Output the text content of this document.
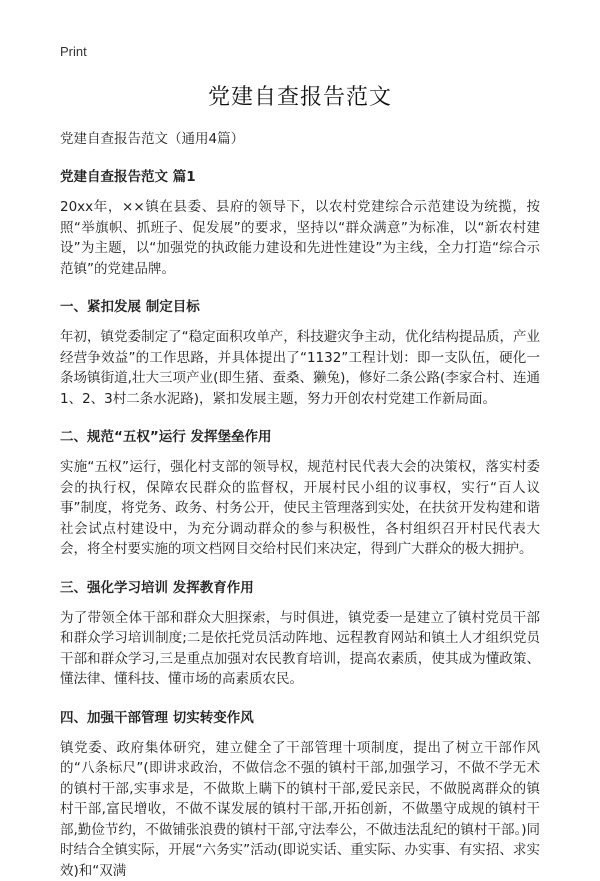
Print
党建自查报告范文

党建自查报告范文（通用4篇）

党建自查报告范文 篇1

20xx年，××镇在县委、县府的领导下，以农村党建综合示范建设为统揽，按照“举旗帜、抓班子、促发展”的要求，坚持以“群众满意”为标准，以“新农村建设”为主题，以“加强党的执政能力建设和先进性建设”为主线，全力打造“综合示范镇”的党建品牌。

一、紧扣发展 制定目标

年初，镇党委制定了“稳定面积攻单产，科技避灾争主动，优化结构提品质，产业经营争效益”的工作思路，并具体提出了“1132”工程计划：即一支队伍，硬化一条场镇街道,壮大三项产业(即生猪、蚕桑、獭兔)，修好二条公路(李家合村、连通1、2、3村二条水泥路)，紧扣发展主题，努力开创农村党建工作新局面。

二、规范“五权”运行 发挥堡垒作用

实施“五权”运行，强化村支部的领导权，规范村民代表大会的决策权，落实村委会的执行权，保障农民群众的监督权，开展村民小组的议事权，实行“百人议事”制度，将党务、政务、村务公开，使民主管理落到实处，在扶贫开发构建和谐社会试点村建设中，为充分调动群众的参与积极性，各村组织召开村民代表大会，将全村要实施的项文档网目交给村民们来决定，得到广大群众的极大拥护。

三、强化学习培训 发挥教育作用

为了带领全体干部和群众大胆探索，与时俱进，镇党委一是建立了镇村党员干部和群众学习培训制度;二是依托党员活动阵地、远程教育网站和镇土人才组织党员干部和群众学习,三是重点加强对农民教育培训，提高农素质，使其成为懂政策、懂法律、懂科技、懂市场的高素质农民。

四、加强干部管理 切实转变作风

镇党委、政府集体研究，建立健全了干部管理十项制度，提出了树立干部作风的“八条标尺”(即讲求政治，不做信念不强的镇村干部,加强学习，不做不学无术的镇村干部,实事求是，不做欺上瞒下的镇村干部,爱民亲民，不做脱离群众的镇村干部,富民增收，不做不谋发展的镇村干部,开拓创新，不做墨守成规的镇村干部,勤俭节约，不做铺张浪费的镇村干部,守法奉公，不做违法乱纪的镇村干部。)同时结合全镇实际，开展“六务实”活动(即说实话、重实际、办实事、有实招、求实效)和“双满
